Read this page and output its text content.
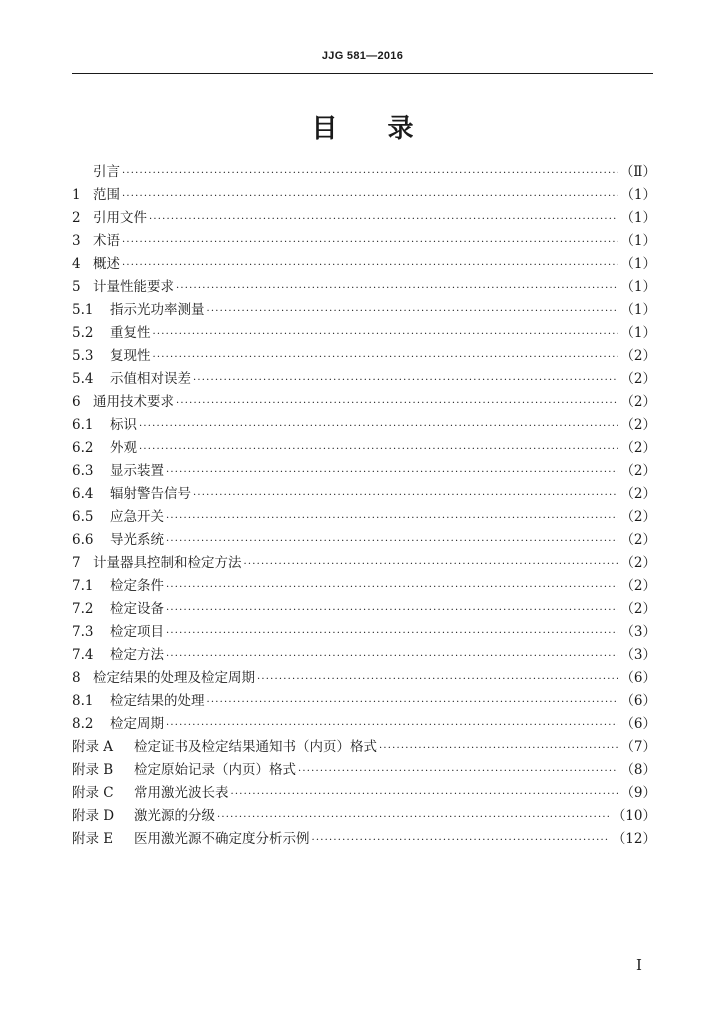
JJG 581—2016
目录
引言 ·····	（Ⅱ）
1 范围 ·····	（1）
2 引用文件 ·····	（1）
3 术语 ·····	（1）
4 概述 ·····	（1）
5 计量性能要求 ·····	（1）
5.1	指示光功率测量 ·····	（1）
5.2	重复性 ·····	（1）
5.3	复现性 ·····	（2）
5.4	示值相对误差 ·····	（2）
6 通用技术要求 ·····	（2）
6.1	标识 ·····	（2）
6.2	外观 ·····	（2）
6.3	显示装置 ·····	（2）
6.4	辐射警告信号 ·····	（2）
6.5	应急开关 ·····	（2）
6.6	导光系统 ·····	（2）
7 计量器具控制和检定方法 ·····	（2）
7.1	检定条件 ·····	（2）
7.2	检定设备 ·····	（2）
7.3	检定项目 ·····	（3）
7.4	检定方法 ·····	（3）
8 检定结果的处理及检定周期 ·····	（6）
8.1	检定结果的处理 ·····	（6）
8.2	检定周期 ·····	（6）
附录 A	检定证书及检定结果通知书（内页）格式 ·····	（7）
附录 B	检定原始记录（内页）格式 ·····	（8）
附录 C	常用激光波长表 ·····	（9）
附录 D	激光源的分级 ·····	（10）
附录 E	医用激光源不确定度分析示例 ·····	（12）
I
